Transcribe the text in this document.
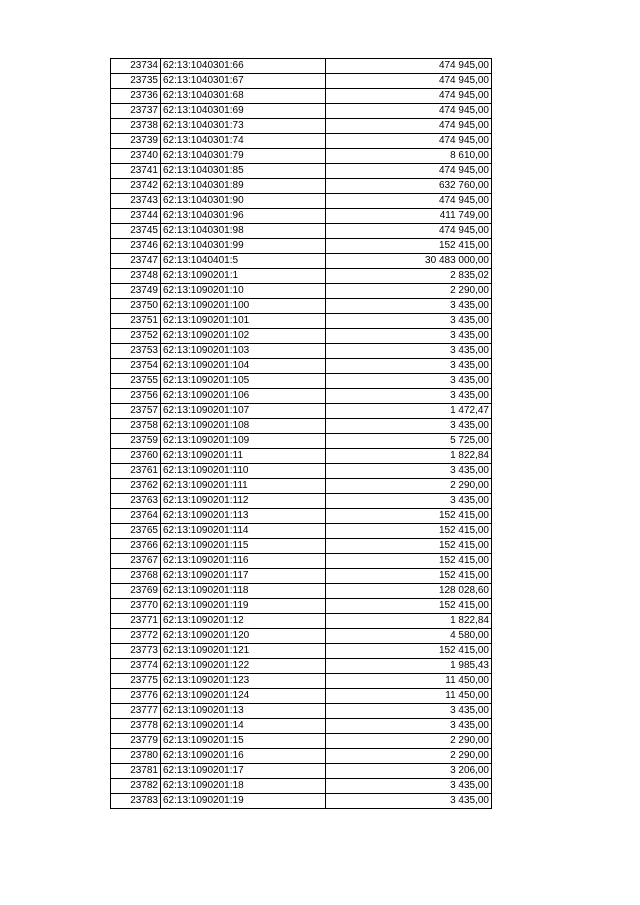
23734	62:13:1040301:66	474 945,00
23735	62:13:1040301:67	474 945,00
23736	62:13:1040301:68	474 945,00
23737	62:13:1040301:69	474 945,00
23738	62:13:1040301:73	474 945,00
23739	62:13:1040301:74	474 945,00
23740	62:13:1040301:79	8 610,00
23741	62:13:1040301:85	474 945,00
23742	62:13:1040301:89	632 760,00
23743	62:13:1040301:90	474 945,00
23744	62:13:1040301:96	411 749,00
23745	62:13:1040301:98	474 945,00
23746	62:13:1040301:99	152 415,00
23747	62:13:1040401:5	30 483 000,00
23748	62:13:1090201:1	2 835,02
23749	62:13:1090201:10	2 290,00
23750	62:13:1090201:100	3 435,00
23751	62:13:1090201:101	3 435,00
23752	62:13:1090201:102	3 435,00
23753	62:13:1090201:103	3 435,00
23754	62:13:1090201:104	3 435,00
23755	62:13:1090201:105	3 435,00
23756	62:13:1090201:106	3 435,00
23757	62:13:1090201:107	1 472,47
23758	62:13:1090201:108	3 435,00
23759	62:13:1090201:109	5 725,00
23760	62:13:1090201:11	1 822,84
23761	62:13:1090201:110	3 435,00
23762	62:13:1090201:111	2 290,00
23763	62:13:1090201:112	3 435,00
23764	62:13:1090201:113	152 415,00
23765	62:13:1090201:114	152 415,00
23766	62:13:1090201:115	152 415,00
23767	62:13:1090201:116	152 415,00
23768	62:13:1090201:117	152 415,00
23769	62:13:1090201:118	128 028,60
23770	62:13:1090201:119	152 415,00
23771	62:13:1090201:12	1 822,84
23772	62:13:1090201:120	4 580,00
23773	62:13:1090201:121	152 415,00
23774	62:13:1090201:122	1 985,43
23775	62:13:1090201:123	11 450,00
23776	62:13:1090201:124	11 450,00
23777	62:13:1090201:13	3 435,00
23778	62:13:1090201:14	3 435,00
23779	62:13:1090201:15	2 290,00
23780	62:13:1090201:16	2 290,00
23781	62:13:1090201:17	3 206,00
23782	62:13:1090201:18	3 435,00
23783	62:13:1090201:19	3 435,00
